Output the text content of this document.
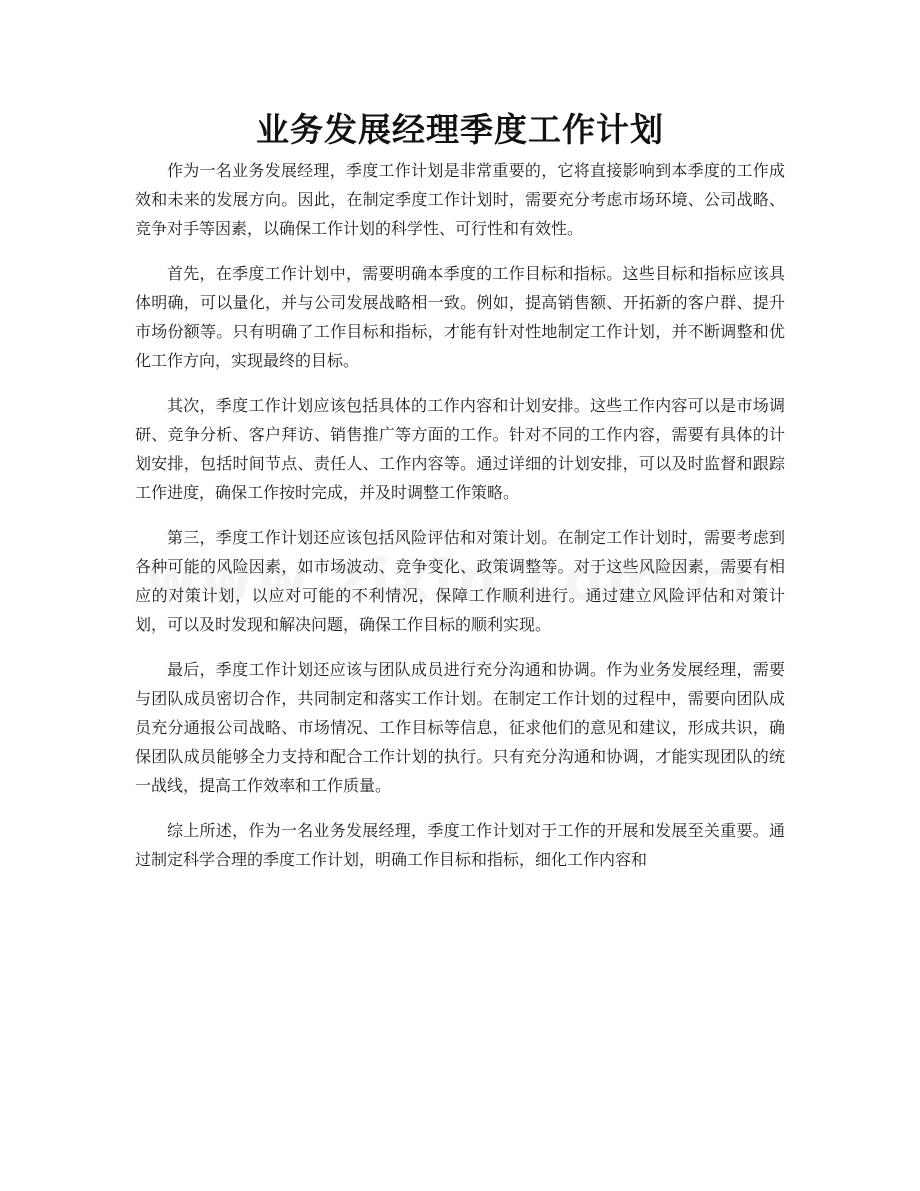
业务发展经理季度工作计划

作为一名业务发展经理，季度工作计划是非常重要的，它将直接影响到本季度的工作成效和未来的发展方向。因此，在制定季度工作计划时，需要充分考虑市场环境、公司战略、竞争对手等因素，以确保工作计划的科学性、可行性和有效性。

首先，在季度工作计划中，需要明确本季度的工作目标和指标。这些目标和指标应该具体明确，可以量化，并与公司发展战略相一致。例如，提高销售额、开拓新的客户群、提升市场份额等。只有明确了工作目标和指标，才能有针对性地制定工作计划，并不断调整和优化工作方向，实现最终的目标。

其次，季度工作计划应该包括具体的工作内容和计划安排。这些工作内容可以是市场调研、竞争分析、客户拜访、销售推广等方面的工作。针对不同的工作内容，需要有具体的计划安排，包括时间节点、责任人、工作内容等。通过详细的计划安排，可以及时监督和跟踪工作进度，确保工作按时完成，并及时调整工作策略。

第三，季度工作计划还应该包括风险评估和对策计划。在制定工作计划时，需要考虑到各种可能的风险因素，如市场波动、竞争变化、政策调整等。对于这些风险因素，需要有相应的对策计划，以应对可能的不利情况，保障工作顺利进行。通过建立风险评估和对策计划，可以及时发现和解决问题，确保工作目标的顺利实现。

最后，季度工作计划还应该与团队成员进行充分沟通和协调。作为业务发展经理，需要与团队成员密切合作，共同制定和落实工作计划。在制定工作计划的过程中，需要向团队成员充分通报公司战略、市场情况、工作目标等信息，征求他们的意见和建议，形成共识，确保团队成员能够全力支持和配合工作计划的执行。只有充分沟通和协调，才能实现团队的统一战线，提高工作效率和工作质量。

综上所述，作为一名业务发展经理，季度工作计划对于工作的开展和发展至关重要。通过制定科学合理的季度工作计划，明确工作目标和指标，细化工作内容和
